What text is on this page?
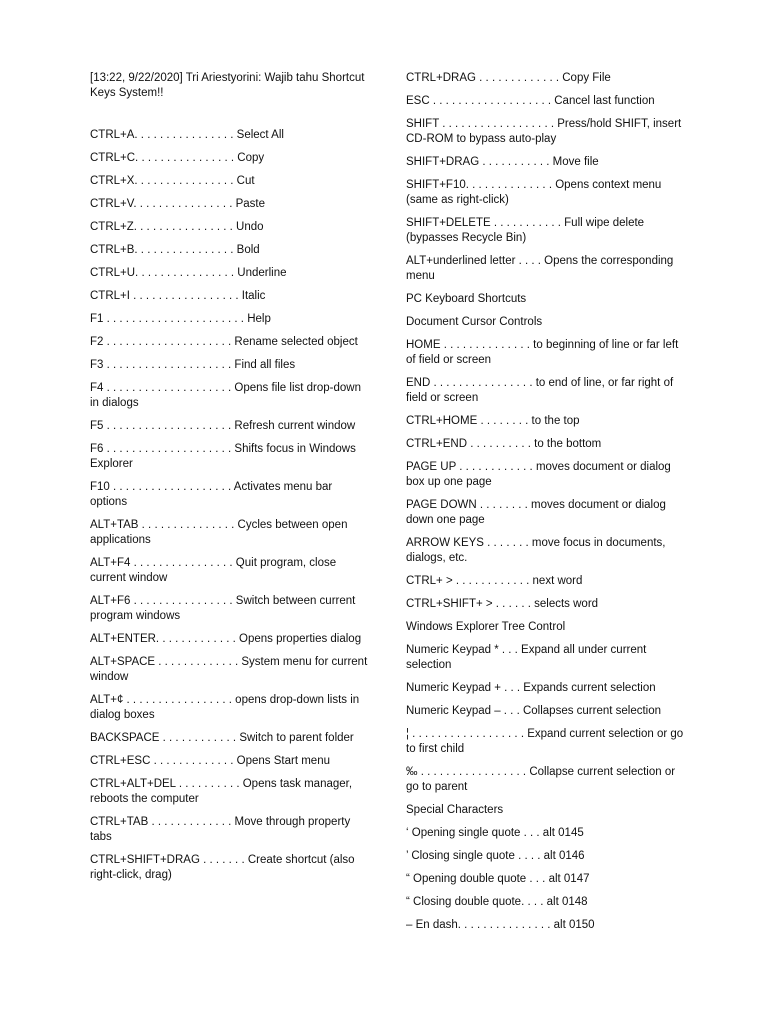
[13:22, 9/22/2020] Tri Ariestyorini: Wajib tahu Shortcut Keys System!!
CTRL+A. . . . . . . . . . . . . . . . Select All
CTRL+C. . . . . . . . . . . . . . . . Copy
CTRL+X. . . . . . . . . . . . . . . . Cut
CTRL+V. . . . . . . . . . . . . . . . Paste
CTRL+Z. . . . . . . . . . . . . . . . Undo
CTRL+B. . . . . . . . . . . . . . . . Bold
CTRL+U. . . . . . . . . . . . . . . . Underline
CTRL+I . . . . . . . . . . . . . . . . . Italic
F1 . . . . . . . . . . . . . . . . . . . . . . Help
F2 . . . . . . . . . . . . . . . . . . . . Rename selected object
F3 . . . . . . . . . . . . . . . . . . . . Find all files
F4 . . . . . . . . . . . . . . . . . . . . Opens file list drop-down in dialogs
F5 . . . . . . . . . . . . . . . . . . . . Refresh current window
F6 . . . . . . . . . . . . . . . . . . . . Shifts focus in Windows Explorer
F10 . . . . . . . . . . . . . . . . . . . Activates menu bar options
ALT+TAB . . . . . . . . . . . . . . . Cycles between open applications
ALT+F4 . . . . . . . . . . . . . . . . Quit program, close current window
ALT+F6 . . . . . . . . . . . . . . . . Switch between current program windows
ALT+ENTER. . . . . . . . . . . . . Opens properties dialog
ALT+SPACE . . . . . . . . . . . . . System menu for current window
ALT+¢ . . . . . . . . . . . . . . . . . opens drop-down lists in dialog boxes
BACKSPACE . . . . . . . . . . . . Switch to parent folder
CTRL+ESC . . . . . . . . . . . . . Opens Start menu
CTRL+ALT+DEL . . . . . . . . . . Opens task manager, reboots the computer
CTRL+TAB . . . . . . . . . . . . . Move through property tabs
CTRL+SHIFT+DRAG . . . . . . . Create shortcut (also right-click, drag)
CTRL+DRAG . . . . . . . . . . . . . Copy File
ESC . . . . . . . . . . . . . . . . . . . Cancel last function
SHIFT . . . . . . . . . . . . . . . . . . Press/hold SHIFT, insert CD-ROM to bypass auto-play
SHIFT+DRAG . . . . . . . . . . . Move file
SHIFT+F10. . . . . . . . . . . . . . Opens context menu (same as right-click)
SHIFT+DELETE . . . . . . . . . . . Full wipe delete (bypasses Recycle Bin)
ALT+underlined letter . . . . Opens the corresponding menu
PC Keyboard Shortcuts
Document Cursor Controls
HOME . . . . . . . . . . . . . . to beginning of line or far left of field or screen
END . . . . . . . . . . . . . . . . to end of line, or far right of field or screen
CTRL+HOME . . . . . . . . to the top
CTRL+END . . . . . . . . . . to the bottom
PAGE UP . . . . . . . . . . . . moves document or dialog box up one page
PAGE DOWN . . . . . . . . moves document or dialog down one page
ARROW KEYS . . . . . . . move focus in documents, dialogs, etc.
CTRL+ > . . . . . . . . . . . . next word
CTRL+SHIFT+ > . . . . . . selects word
Windows Explorer Tree Control
Numeric Keypad * . . . Expand all under current selection
Numeric Keypad + . . . Expands current selection
Numeric Keypad – . . . Collapses current selection
¦ . . . . . . . . . . . . . . . . . . Expand current selection or go to first child
‰ . . . . . . . . . . . . . . . . . Collapse current selection or go to parent
Special Characters
‘ Opening single quote . . . alt 0145
’ Closing single quote . . . . alt 0146
“ Opening double quote . . . alt 0147
“ Closing double quote. . . . alt 0148
– En dash. . . . . . . . . . . . . . . alt 0150
